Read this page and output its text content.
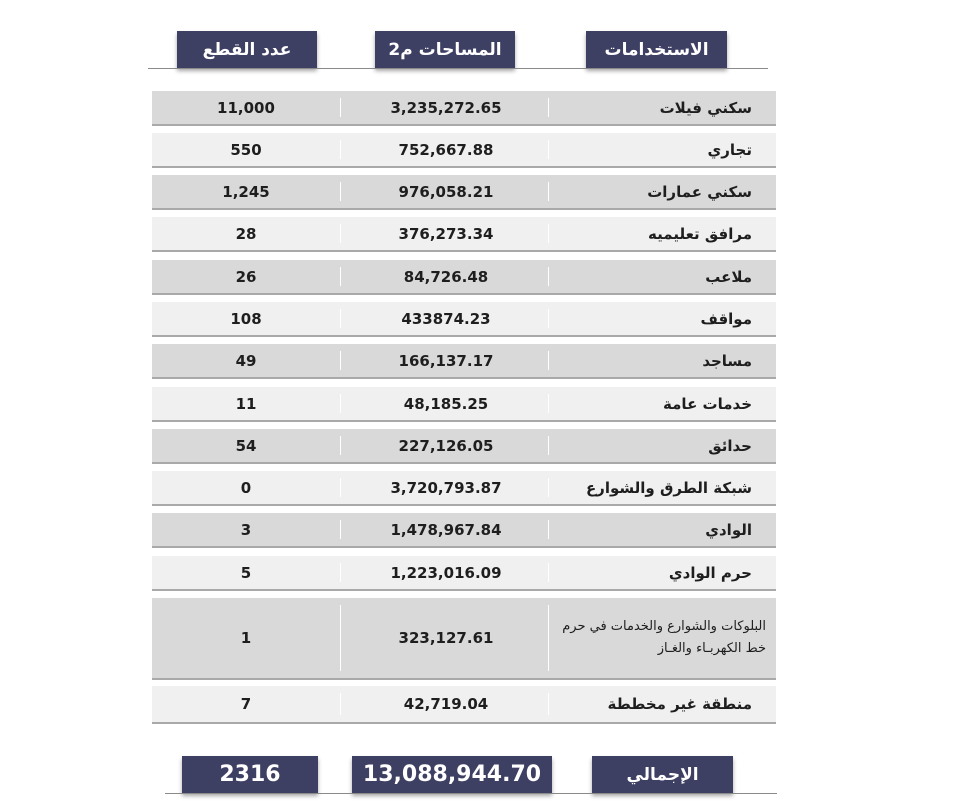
الاستخدامات
المساحات م2
عدد القطع
سكني فيلات
3,235,272.65
11,000
تجاري
752,667.88
550
سكني عمارات
976,058.21
1,245
مرافق تعليميه
376,273.34
28
ملاعب
84,726.48
26
مواقف
433874.23
108
مساجد
166,137.17
49
خدمات عامة
48,185.25
11
حدائق
227,126.05
54
شبكة الطرق والشوارع
3,720,793.87
0
الوادي
1,478,967.84
3
حرم الوادي
1,223,016.09
5
البلوكات والشوارع والخدمات في حرم خط الكهربـاء والغـاز
323,127.61
1
منطقة غير مخططة
42,719.04
7
الإجمالي
13,088,944.70
2316
